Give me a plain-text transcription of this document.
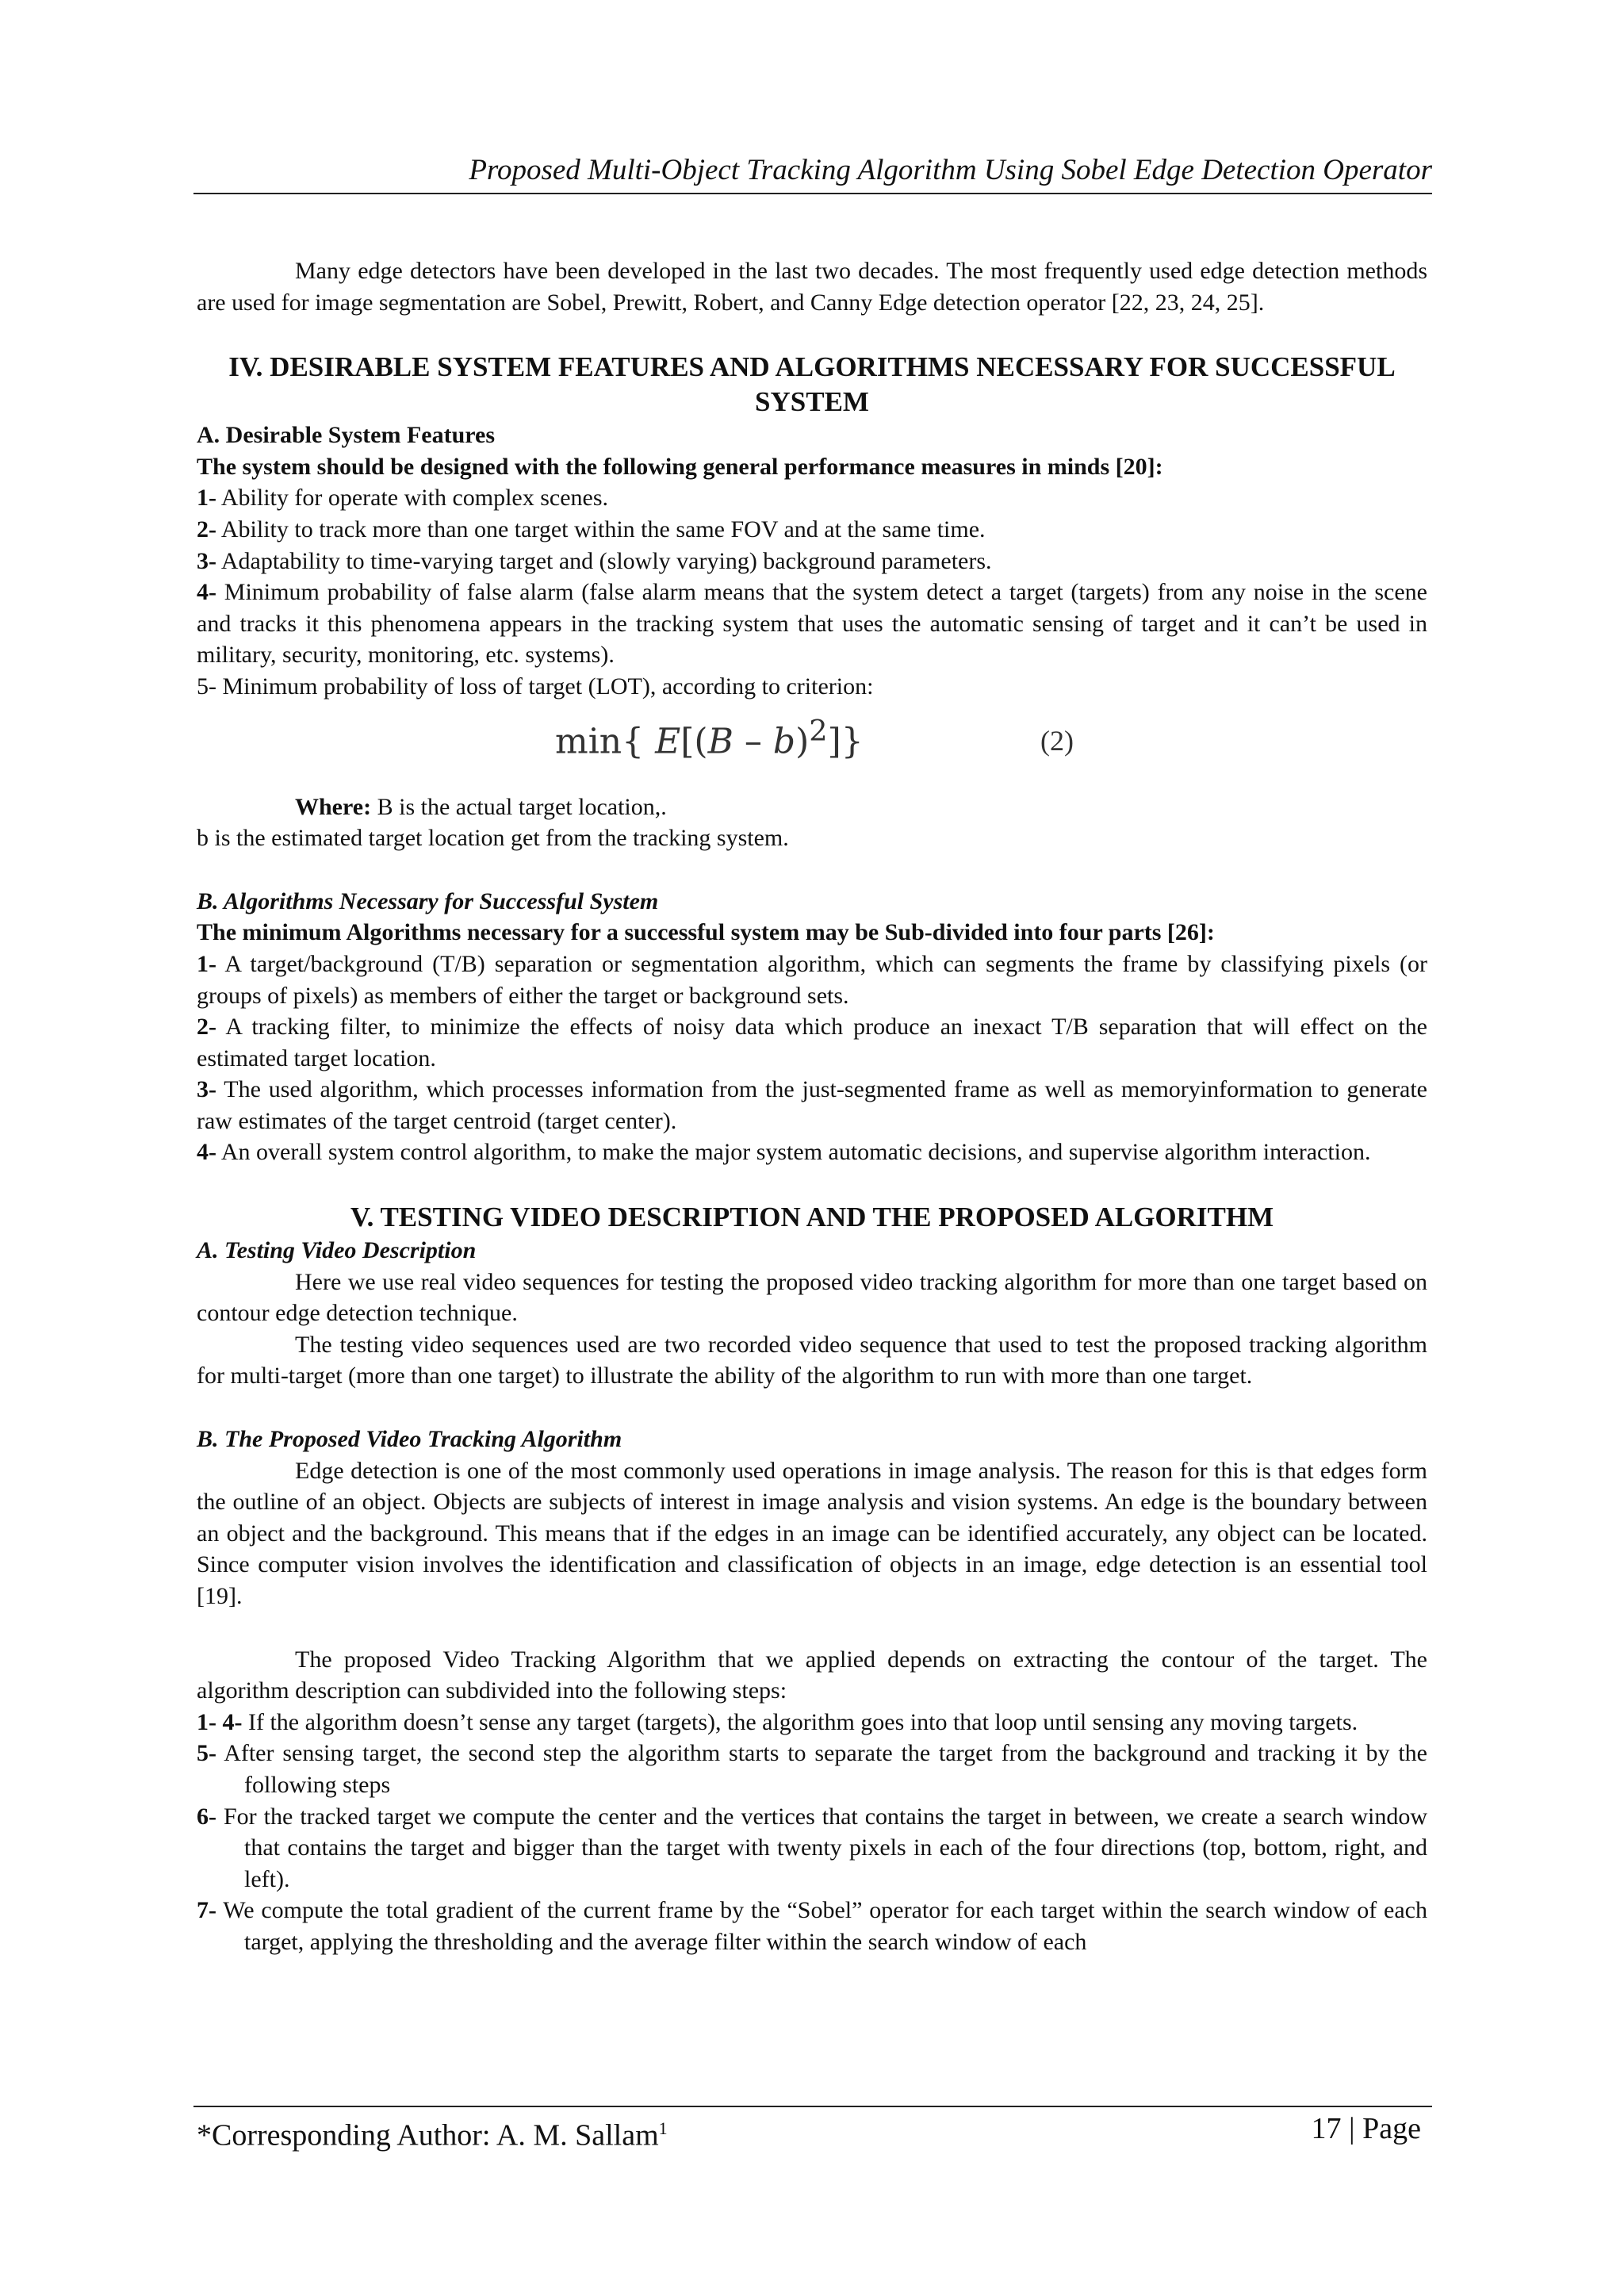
Proposed Multi-Object Tracking Algorithm Using Sobel Edge Detection Operator

Many edge detectors have been developed in the last two decades. The most frequently used edge detection methods are used for image segmentation are Sobel, Prewitt, Robert, and Canny Edge detection operator [22, 23, 24, 25].

IV. DESIRABLE SYSTEM FEATURES AND ALGORITHMS NECESSARY FOR SUCCESSFUL SYSTEM

A. Desirable System Features

The system should be designed with the following general performance measures in minds [20]:

1- Ability for operate with complex scenes.

2- Ability to track more than one target within the same FOV and at the same time.

3- Adaptability to time-varying target and (slowly varying) background parameters.

4- Minimum probability of false alarm (false alarm means that the system detect a target (targets) from any noise in the scene and tracks it this phenomena appears in the tracking system that uses the automatic sensing of target and it can’t be used in military, security, monitoring, etc. systems).

5- Minimum probability of loss of target (LOT), according to criterion:

min{ E[(B – b)$^2$]}	(2)

Where: B is the actual target location,.

b is the estimated target location get from the tracking system.

B. Algorithms Necessary for Successful System

The minimum Algorithms necessary for a successful system may be Sub-divided into four parts [26]:

1- A target/background (T/B) separation or segmentation algorithm, which can segments the frame by classifying pixels (or groups of pixels) as members of either the target or background sets.

2- A tracking filter, to minimize the effects of noisy data which produce an inexact T/B separation that will effect on the estimated target location.

3- The used algorithm, which processes information from the just-segmented frame as well as memoryinformation to generate raw estimates of the target centroid (target center).

4- An overall system control algorithm, to make the major system automatic decisions, and supervise algorithm interaction.

V. TESTING VIDEO DESCRIPTION AND THE PROPOSED ALGORITHM

A. Testing Video Description

Here we use real video sequences for testing the proposed video tracking algorithm for more than one target based on contour edge detection technique.

The testing video sequences used are two recorded video sequence that used to test the proposed tracking algorithm for multi-target (more than one target) to illustrate the ability of the algorithm to run with more than one target.

B. The Proposed Video Tracking Algorithm

Edge detection is one of the most commonly used operations in image analysis. The reason for this is that edges form the outline of an object. Objects are subjects of interest in image analysis and vision systems. An edge is the boundary between an object and the background. This means that if the edges in an image can be identified accurately, any object can be located. Since computer vision involves the identification and classification of objects in an image, edge detection is an essential tool [19].

The proposed Video Tracking Algorithm that we applied depends on extracting the contour of the target. The algorithm description can subdivided into the following steps:

1- 4- If the algorithm doesn’t sense any target (targets), the algorithm goes into that loop until sensing any moving targets.

5- After sensing target, the second step the algorithm starts to separate the target from the background and tracking it by the following steps

6- For the tracked target we compute the center and the vertices that contains the target in between, we create a search window that contains the target and bigger than the target with twenty pixels in each of the four directions (top, bottom, right, and left).

7- We compute the total gradient of the current frame by the “Sobel” operator for each target within the search window of each target, applying the thresholding and the average filter within the search window of each

*Corresponding Author: A. M. Sallam$^1$	17 | Page
